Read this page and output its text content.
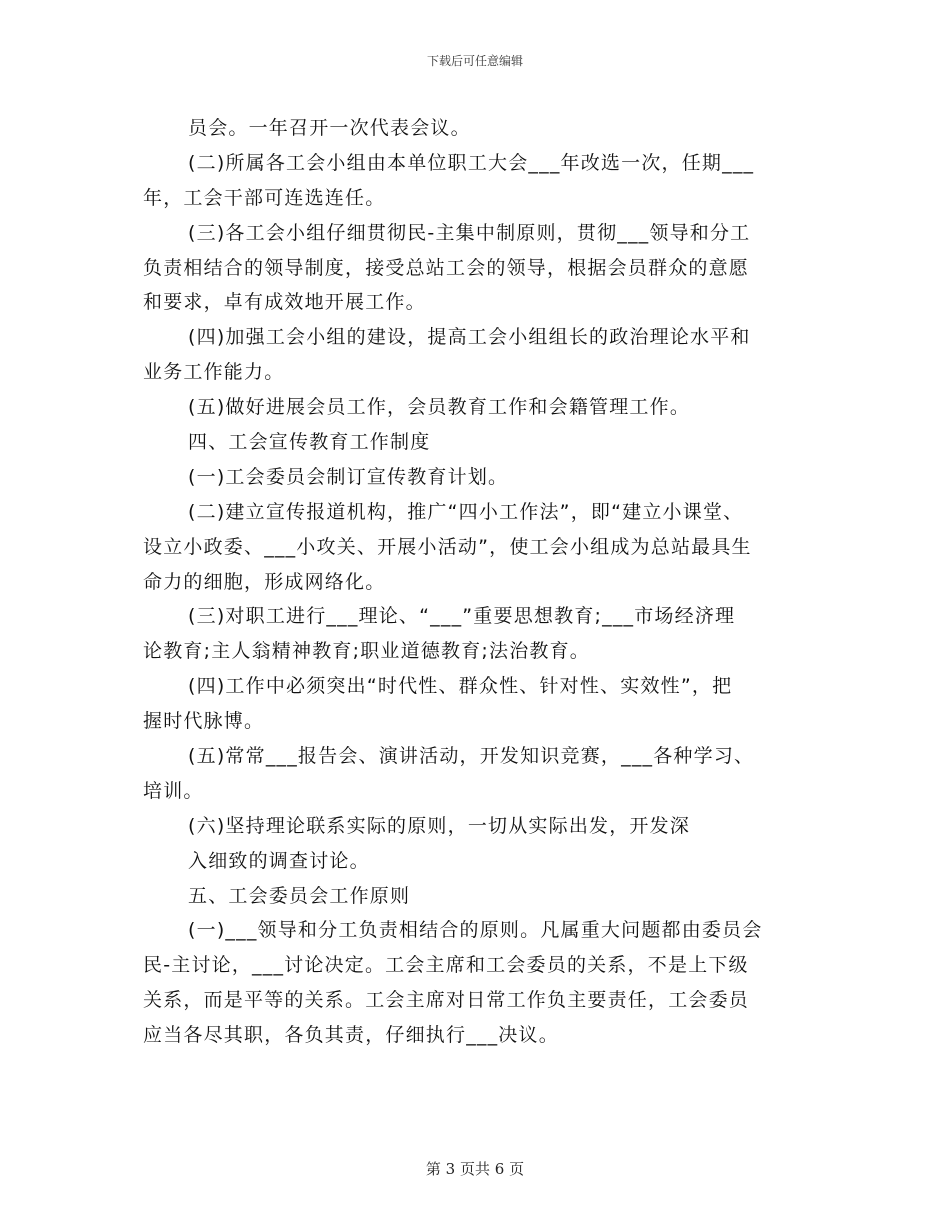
下载后可任意编辑
员会。一年召开一次代表会议。
(二)所属各工会小组由本单位职工大会___年改选一次，任期___
年，工会干部可连选连任。
(三)各工会小组仔细贯彻民-主集中制原则，贯彻___领导和分工
负责相结合的领导制度，接受总站工会的领导，根据会员群众的意愿
和要求，卓有成效地开展工作。
(四)加强工会小组的建设，提高工会小组组长的政治理论水平和
业务工作能力。
(五)做好进展会员工作，会员教育工作和会籍管理工作。
四、工会宣传教育工作制度
(一)工会委员会制订宣传教育计划。
(二)建立宣传报道机构，推广“四小工作法”，即“建立小课堂、
设立小政委、___小攻关、开展小活动”，使工会小组成为总站最具生
命力的细胞，形成网络化。
(三)对职工进行___理论、“___”重要思想教育;___市场经济理
论教育;主人翁精神教育;职业道德教育;法治教育。
(四)工作中必须突出“时代性、群众性、针对性、实效性”，把
握时代脉博。
(五)常常___报告会、演讲活动，开发知识竞赛，___各种学习、
培训。
(六)坚持理论联系实际的原则，一切从实际出发，开发深
入细致的调查讨论。
五、工会委员会工作原则
(一)___领导和分工负责相结合的原则。凡属重大问题都由委员会
民-主讨论，___讨论决定。工会主席和工会委员的关系，不是上下级
关系，而是平等的关系。工会主席对日常工作负主要责任，工会委员
应当各尽其职，各负其责，仔细执行___决议。
第 3 页共 6 页
